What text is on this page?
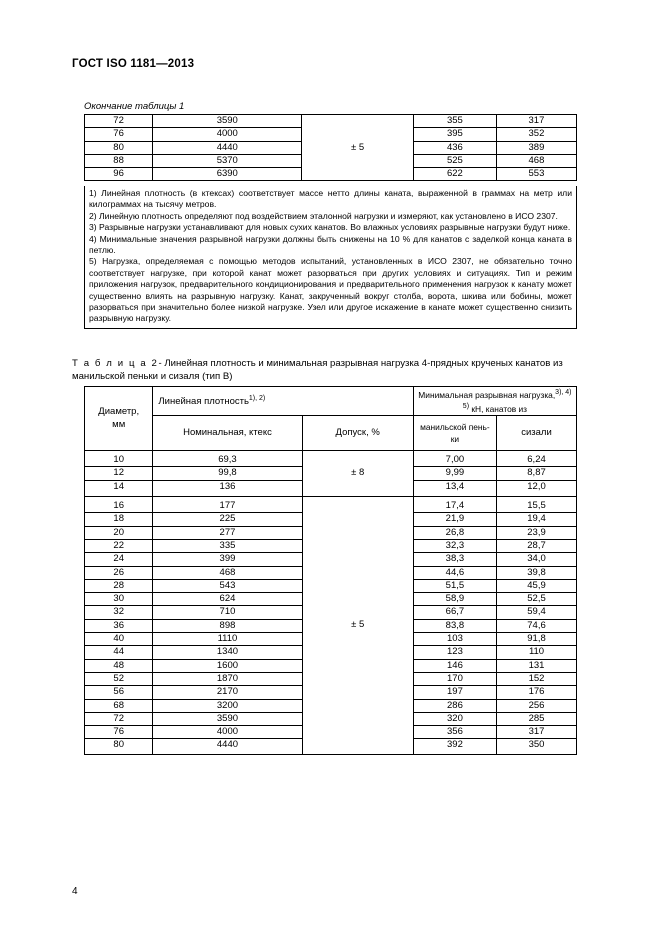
ГОСТ ISO 1181—2013
Окончание таблицы 1
72	3590	± 5	355	317
76	4000		395	352
80	4440		436	389
88	5370		525	468
96	6390		622	553

1) Линейная плотность (в ктексах) соответствует массе нетто длины каната, выраженной в граммах на метр или килограммах на тысячу метров.

2) Линейную плотность определяют под воздействием эталонной нагрузки и измеряют, как установлено в ИСО 2307.

3) Разрывные нагрузки устанавливают для новых сухих канатов. Во влажных условиях разрывные нагрузки будут ниже.

4) Минимальные значения разрывной нагрузки должны быть снижены на 10 % для канатов с заделкой конца каната в петлю.

5) Нагрузка, определяемая с помощью методов испытаний, установленных в ИСО 2307, не обязательно точно соответствует нагрузке, при которой канат может разорваться при других условиях и ситуациях. Тип и режим приложения нагрузок, предварительного кондиционирования и предварительного применения нагрузок к канату может существенно влиять на разрывную нагрузку. Канат, закрученный вокруг столба, ворота, шкива или бобины, может разорваться при значительно более низкой нагрузке. Узел или другое искажение в канате может существенно снизить разрывную нагрузку.

Т а б л и ц а 2- Линейная плотность и минимальная разрывная нагрузка 4-прядных крученых канатов из манильской пеньки и сизаля (тип В)
Диаметр,
мм
	Линейная плотность$^{1), 2)}$	Минимальная разрывная нагрузка,$^{3), 4)}$
$^{5)}$ кН, канатов из
	Номинальная, ктекс	Допуск, %	манильской пень-
ки	сизали
10	69,3	± 8	7,00	6,24
12	99,8		9,99	8,87
14	136		13,4	12,0
16	177	± 5	17,4	15,5
18	225		21,9	19,4
20	277		26,8	23,9
22	335		32,3	28,7
24	399		38,3	34,0
26	468		44,6	39,8
28	543		51,5	45,9
30	624		58,9	52,5
32	710		66,7	59,4
36	898		83,8	74,6
40	1110		103	91,8
44	1340		123	110
48	1600		146	131
52	1870		170	152
56	2170		197	176
68	3200		286	256
72	3590		320	285
76	4000		356	317
80	4440		392	350
4
